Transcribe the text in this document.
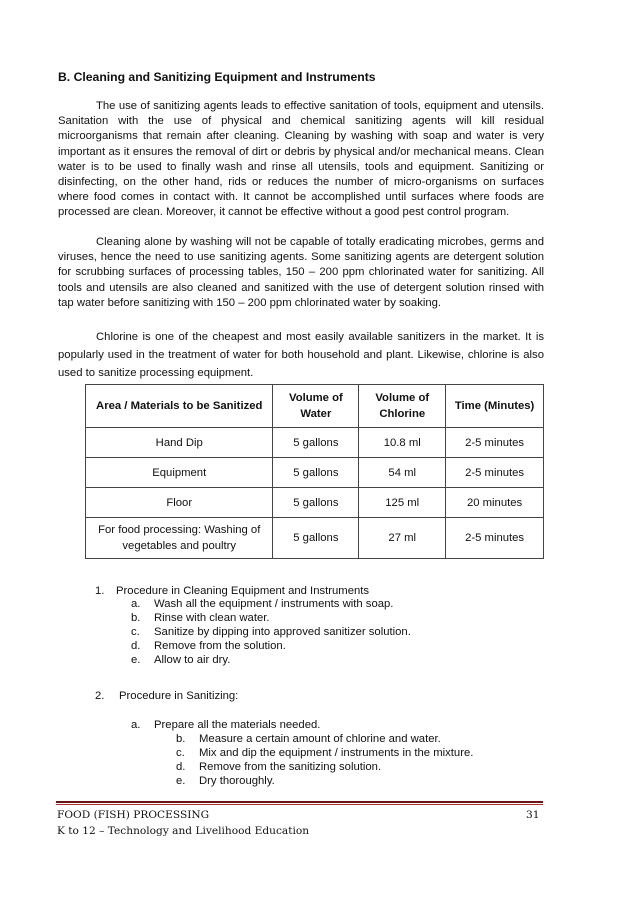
B. Cleaning and Sanitizing Equipment and Instruments

The use of sanitizing agents leads to effective sanitation of tools, equipment and utensils. Sanitation with the use of physical and chemical sanitizing agents will kill residual microorganisms that remain after cleaning. Cleaning by washing with soap and water is very important as it ensures the removal of dirt or debris by physical and/or mechanical means. Clean water is to be used to finally wash and rinse all utensils, tools and equipment. Sanitizing or disinfecting, on the other hand, rids or reduces the number of micro-organisms on surfaces where food comes in contact with. It cannot be accomplished until surfaces where foods are processed are clean. Moreover, it cannot be effective without a good pest control program.

Cleaning alone by washing will not be capable of totally eradicating microbes, germs and viruses, hence the need to use sanitizing agents. Some sanitizing agents are detergent solution for scrubbing surfaces of processing tables, 150 – 200 ppm chlorinated water for sanitizing. All tools and utensils are also cleaned and sanitized with the use of detergent solution rinsed with tap water before sanitizing with 150 – 200 ppm chlorinated water by soaking.

Chlorine is one of the cheapest and most easily available sanitizers in the market. It is popularly used in the treatment of water for both household and plant. Likewise, chlorine is also used to sanitize processing equipment.

Area / Materials to be Sanitized	Volume of Water	Volume of Chlorine	Time (Minutes)
Hand Dip	5 gallons	10.8 ml	2-5 minutes
Equipment	5 gallons	54 ml	2-5 minutes
Floor	5 gallons	125 ml	20 minutes
For food processing: Washing of vegetables and poultry	5 gallons	27 ml	2-5 minutes
1. Procedure in Cleaning Equipment and Instruments
a. Wash all the equipment / instruments with soap.
b. Rinse with clean water.
c. Sanitize by dipping into approved sanitizer solution.
d. Remove from the solution.
e. Allow to air dry.
2. Procedure in Sanitizing:
a. Prepare all the materials needed.
b. Measure a certain amount of chlorine and water.
c. Mix and dip the equipment / instruments in the mixture.
d. Remove from the sanitizing solution.
e. Dry thoroughly.
FOOD (FISH) PROCESSING	31
K to 12 – Technology and Livelihood Education
